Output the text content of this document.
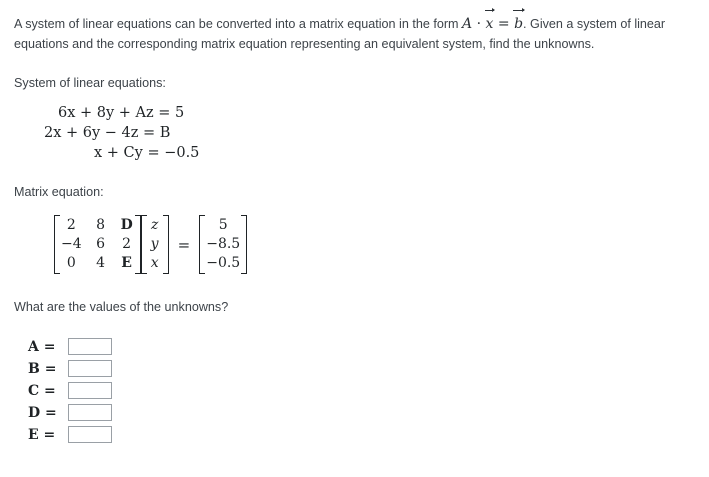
A system of linear equations can be converted into a matrix equation in the form A · x = b. Given a system of linear equations and the corresponding matrix equation representing an equivalent system, find the unknowns.
System of linear equations:
6x + 8y + Az = 5
2x + 6y − 4z = B
x + Cy = −0.5
Matrix equation:
2	8 D
−4 6 2
0	4 E
z
y
x
=
5
−8.5
−0.5
What are the values of the unknowns?
A =
B =
C =
D =
E =
